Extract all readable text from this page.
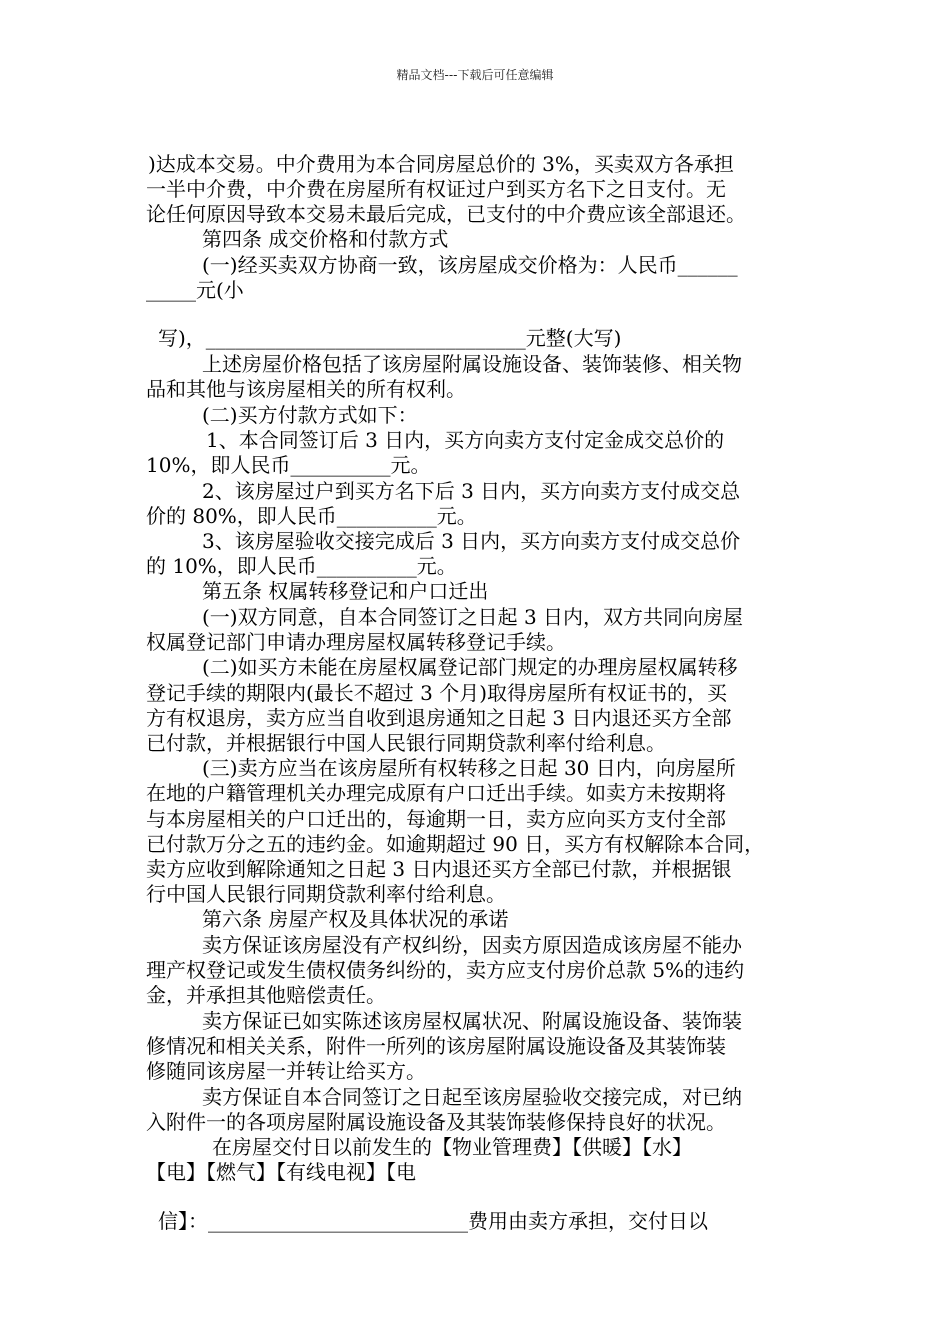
精品文档---下载后可任意编辑
)达成本交易。中介费用为本合同房屋总价的 3%，买卖双方各承担
一半中介费，中介费在房屋所有权证过户到买方名下之日支付。无
论任何原因导致本交易未最后完成，已支付的中介费应该全部退还。
第四条 成交价格和付款方式
(一)经买卖双方协商一致，该房屋成交价格为：人民币______
_____元(小
写)，________________________________元整(大写)
上述房屋价格包括了该房屋附属设施设备、装饰装修、相关物
品和其他与该房屋相关的所有权利。
(二)买方付款方式如下：
1、本合同签订后 3 日内，买方向卖方支付定金成交总价的
10%，即人民币__________元。
2、该房屋过户到买方名下后 3 日内，买方向卖方支付成交总
价的 80%，即人民币__________元。
3、该房屋验收交接完成后 3 日内，买方向卖方支付成交总价
的 10%，即人民币__________元。
第五条 权属转移登记和户口迁出
(一)双方同意，自本合同签订之日起 3 日内，双方共同向房屋
权属登记部门申请办理房屋权属转移登记手续。
(二)如买方未能在房屋权属登记部门规定的办理房屋权属转移
登记手续的期限内(最长不超过 3 个月)取得房屋所有权证书的，买
方有权退房，卖方应当自收到退房通知之日起 3 日内退还买方全部
已付款，并根据银行中国人民银行同期贷款利率付给利息。
(三)卖方应当在该房屋所有权转移之日起 30 日内，向房屋所
在地的户籍管理机关办理完成原有户口迁出手续。如卖方未按期将
与本房屋相关的户口迁出的，每逾期一日，卖方应向买方支付全部
已付款万分之五的违约金。如逾期超过 90 日，买方有权解除本合同，
卖方应收到解除通知之日起 3 日内退还买方全部已付款，并根据银
行中国人民银行同期贷款利率付给利息。
第六条 房屋产权及具体状况的承诺
卖方保证该房屋没有产权纠纷，因卖方原因造成该房屋不能办
理产权登记或发生债权债务纠纷的，卖方应支付房价总款 5%的违约
金，并承担其他赔偿责任。
卖方保证已如实陈述该房屋权属状况、附属设施设备、装饰装
修情况和相关关系，附件一所列的该房屋附属设施设备及其装饰装
修随同该房屋一并转让给买方。
卖方保证自本合同签订之日起至该房屋验收交接完成，对已纳
入附件一的各项房屋附属设施设备及其装饰装修保持良好的状况。
在房屋交付日以前发生的【物业管理费】【供暖】【水】
【电】【燃气】【有线电视】【电
信】：__________________________费用由卖方承担，交付日以
